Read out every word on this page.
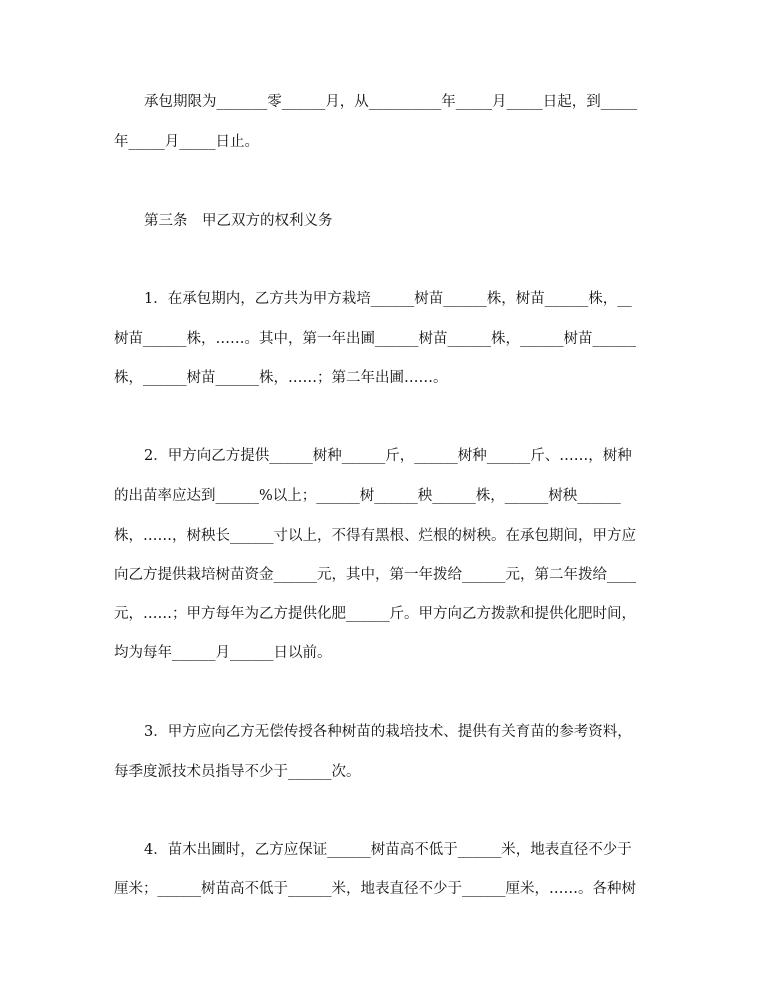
承包期限为_______零______月，从__________年_____月_____日起，到_____
年_____月_____日止。
第三条　甲乙双方的权利义务
1．在承包期内，乙方共为甲方栽培______树苗______株，树苗______株，__
树苗______株，……。其中，第一年出圃______树苗______株，______树苗______
株，______树苗______株，……；第二年出圃……。
2．甲方向乙方提供______树种______斤，______树种______斤、……，树种
的出苗率应达到______%以上；______树______秧______株，______树秧______
株，……，树秧长______寸以上，不得有黑根、烂根的树秧。在承包期间，甲方应
向乙方提供栽培树苗资金______元，其中，第一年拨给______元，第二年拨给____
元，……；甲方每年为乙方提供化肥______斤。甲方向乙方拨款和提供化肥时间，
均为每年______月______日以前。
3．甲方应向乙方无偿传授各种树苗的栽培技术、提供有关育苗的参考资料，
每季度派技术员指导不少于______次。
4．苗木出圃时，乙方应保证______树苗高不低于______米，地表直径不少于
厘米；______树苗高不低于______米，地表直径不少于______厘米，……。各种树
